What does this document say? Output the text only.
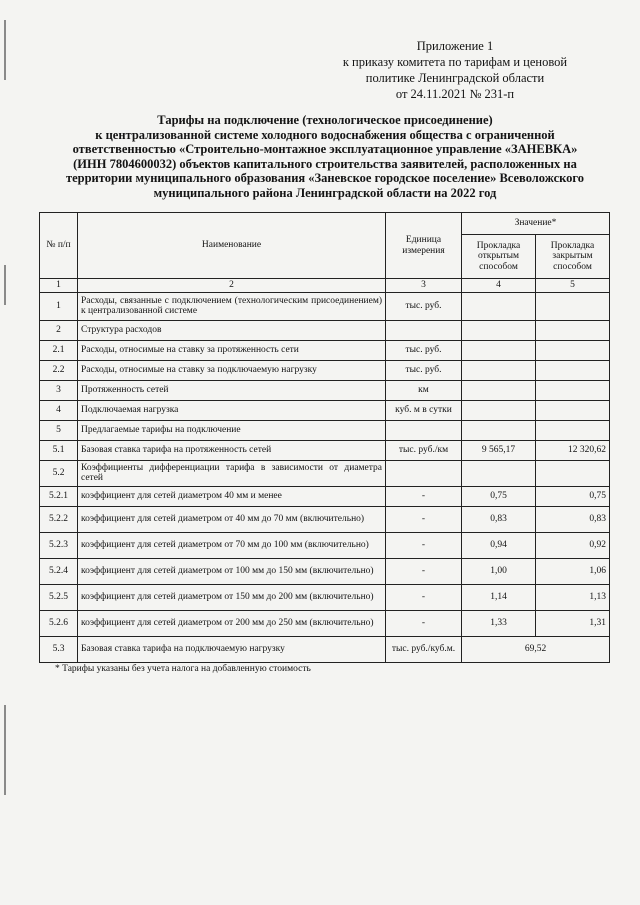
Приложение 1
к приказу комитета по тарифам и ценовой
политике Ленинградской области
от 24.11.2021 № 231-п
Тарифы на подключение (технологическое присоединение)
к централизованной системе холодного водоснабжения общества с ограниченной
ответственностью «Строительно-монтажное эксплуатационное управление «ЗАНЕВКА»
(ИНН 7804600032) объектов капитального строительства заявителей, расположенных на
территории муниципального образования «Заневское городское поселение» Всеволожского
муниципального района Ленинградской области на 2022 год
№ п/п	Наименование	Единица измерения	Значение*	
			Прокладка открытым способом	Прокладка закрытым способом
1	2	3	4	5
1	Расходы, связанные с подключением (технологическим присоединением) к централизованной системе	тыс. руб.		
2	Структура расходов			
2.1	Расходы, относимые на ставку за протяженность сети	тыс. руб.		
2.2	Расходы, относимые на ставку за подключаемую нагрузку	тыс. руб.		
3	Протяженность сетей	км		
4	Подключаемая нагрузка	куб. м в сутки		
5	Предлагаемые тарифы на подключение			
5.1	Базовая ставка тарифа на протяженность сетей	тыс. руб./км	9 565,17	12 320,62
5.2	Коэффициенты дифференциации тарифа в зависимости от диаметра сетей			
5.2.1	коэффициент для сетей диаметром 40 мм и менее	-	0,75	0,75
5.2.2	коэффициент для сетей диаметром от 40 мм до 70 мм (включительно)	-	0,83	0,83
5.2.3	коэффициент для сетей диаметром от 70 мм до 100 мм (включительно)	-	0,94	0,92
5.2.4	коэффициент для сетей диаметром от 100 мм до 150 мм (включительно)	-	1,00	1,06
5.2.5	коэффициент для сетей диаметром от 150 мм до 200 мм (включительно)	-	1,14	1,13
5.2.6	коэффициент для сетей диаметром от 200 мм до 250 мм (включительно)	-	1,33	1,31
5.3	Базовая ставка тарифа на подключаемую нагрузку	тыс. руб./куб.м.	69,52	
* Тарифы указаны без учета налога на добавленную стоимость
